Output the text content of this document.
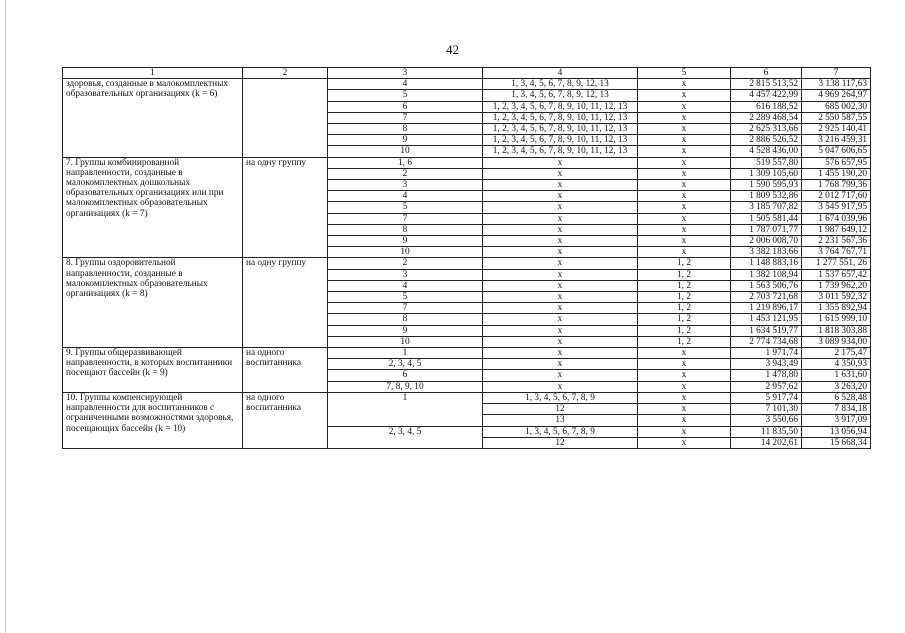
42
1	2	3	4	5	6	7
здоровья, созданные в малокомплектных образовательных организациях (k = 6)		4	1, 3, 4, 5, 6, 7, 8, 9, 12, 13	x	2 815 513,52	3 138 117,63
		5	1, 3, 4, 5, 6, 7, 8, 9, 12, 13	x	4 457 422,99	4 969 264,97
		6	1, 2, 3, 4, 5, 6, 7, 8, 9, 10, 11, 12, 13	x	616 188,52	685 002,30
		7	1, 2, 3, 4, 5, 6, 7, 8, 9, 10, 11, 12, 13	x	2 289 468,54	2 550 587,55
		8	1, 2, 3, 4, 5, 6, 7, 8, 9, 10, 11, 12, 13	x	2 625 313,66	2 925 140,41
		9	1, 2, 3, 4, 5, 6, 7, 8, 9, 10, 11, 12, 13	x	2 886 526,52	3 216 459,31
		10	1, 2, 3, 4, 5, 6, 7, 8, 9, 10, 11, 12, 13	x	4 528 436,00	5 047 606,65
7. Группы комбинированной направленности, созданные в малокомплектных дошкольных образовательных организациях или при малокомплектных образовательных организациях (k = 7)	на одну группу	1, 6	x	x	519 557,80	576 657,95
		2	x	x	1 309 105,60	1 455 190,20
		3	x	x	1 590 595,93	1 768 799,36
		4	x	x	1 809 532,86	2 012 717,60
		5	x	x	3 185 707,82	3 545 917,95
		7	x	x	1 505 581,44	1 674 039,96
		8	x	x	1 787 071,77	1 987 649,12
		9	x	x	2 006 008,70	2 231 567,36
		10	x	x	3 382 183,66	3 764 767,71
8. Группы оздоровительной направленности, созданные в малокомплектных образовательных организациях (k = 8)	на одну группу	2	x	1, 2	1 148 883,16	1 277 551, 26
		3	x	1, 2	1 382 108,94	1 537 657,42
		4	x	1, 2	1 563 506,76	1 739 962,20
		5	x	1, 2	2 703 721,68	3 011 592,32
		7	x	1, 2	1 219 896,17	1 355 892,94
		8	x	1, 2	1 453 121,95	1 615 999,10
		9	x	1, 2	1 634 519,77	1 818 303,88
		10	x	1, 2	2 774 734,68	3 089 934,00
9. Группы общеразвивающей направленности, в которых воспитанники посещают бассейн (k = 9)	на одного воспитанника	1	x	x	1 971,74	2 175,47
		2, 3, 4, 5	x	x	3 943,49	4 350,93
		6	x	x	1 478,80	1 631,60
		7, 8, 9, 10	x	x	2 957,62	3 263,20
10. Группы компенсирующей направленности для воспитанников с ограниченными возможностями здоровья, посещающих бассейн (k = 10)	на одного воспитанника	1	1, 3, 4, 5, 6, 7, 8, 9	x	5 917,74	6 528,48
			12	x	7 101,30	7 834,18
			13	x	3 550,66	3 917,09
		2, 3, 4, 5	1, 3, 4, 5, 6, 7, 8, 9	x	11 835,50	13 056,94
			12	x	14 202,61	15 668,34
